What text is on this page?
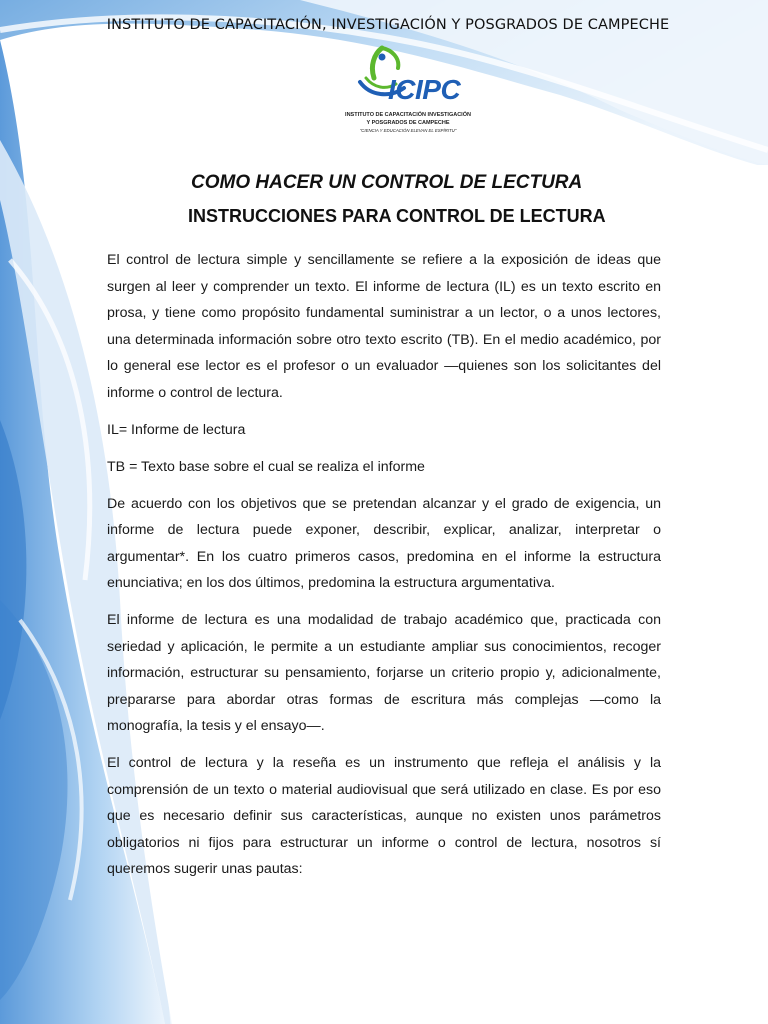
INSTITUTO DE CAPACITACIÓN, INVESTIGACIÓN Y POSGRADOS DE CAMPECHE
ICIPC
INSTITUTO DE CAPACITACIÓN INVESTIGACIÓN
Y POSGRADOS DE CAMPECHE
"CIENCIA Y EDUCACIÓN ELEVAN EL ESPÍRITU"
COMO HACER UN CONTROL DE LECTURA
INSTRUCCIONES PARA CONTROL DE LECTURA

El control de lectura simple y sencillamente se refiere a la exposición de ideas que surgen al leer y comprender un texto. El informe de lectura (IL) es un texto escrito en prosa, y tiene como propósito fundamental suministrar a un lector, o a unos lectores, una determinada información sobre otro texto escrito (TB). En el medio académico, por lo general ese lector es el profesor o un evaluador —quienes son los solicitantes del informe o control de lectura.

IL= Informe de lectura

TB = Texto base sobre el cual se realiza el informe

De acuerdo con los objetivos que se pretendan alcanzar y el grado de exigencia, un informe de lectura puede exponer, describir, explicar, analizar, interpretar o argumentar*. En los cuatro primeros casos, predomina en el informe la estructura enunciativa; en los dos últimos, predomina la estructura argumentativa.

El informe de lectura es una modalidad de trabajo académico que, practicada con seriedad y aplicación, le permite a un estudiante ampliar sus conocimientos, recoger información, estructurar su pensamiento, forjarse un criterio propio y, adicionalmente, prepararse para abordar otras formas de escritura más complejas —como la monografía, la tesis y el ensayo—.

El control de lectura y la reseña es un instrumento que refleja el análisis y la comprensión de un texto o material audiovisual que será utilizado en clase. Es por eso que es necesario definir sus características, aunque no existen unos parámetros obligatorios ni fijos para estructurar un informe o control de lectura, nosotros sí queremos sugerir unas pautas:
